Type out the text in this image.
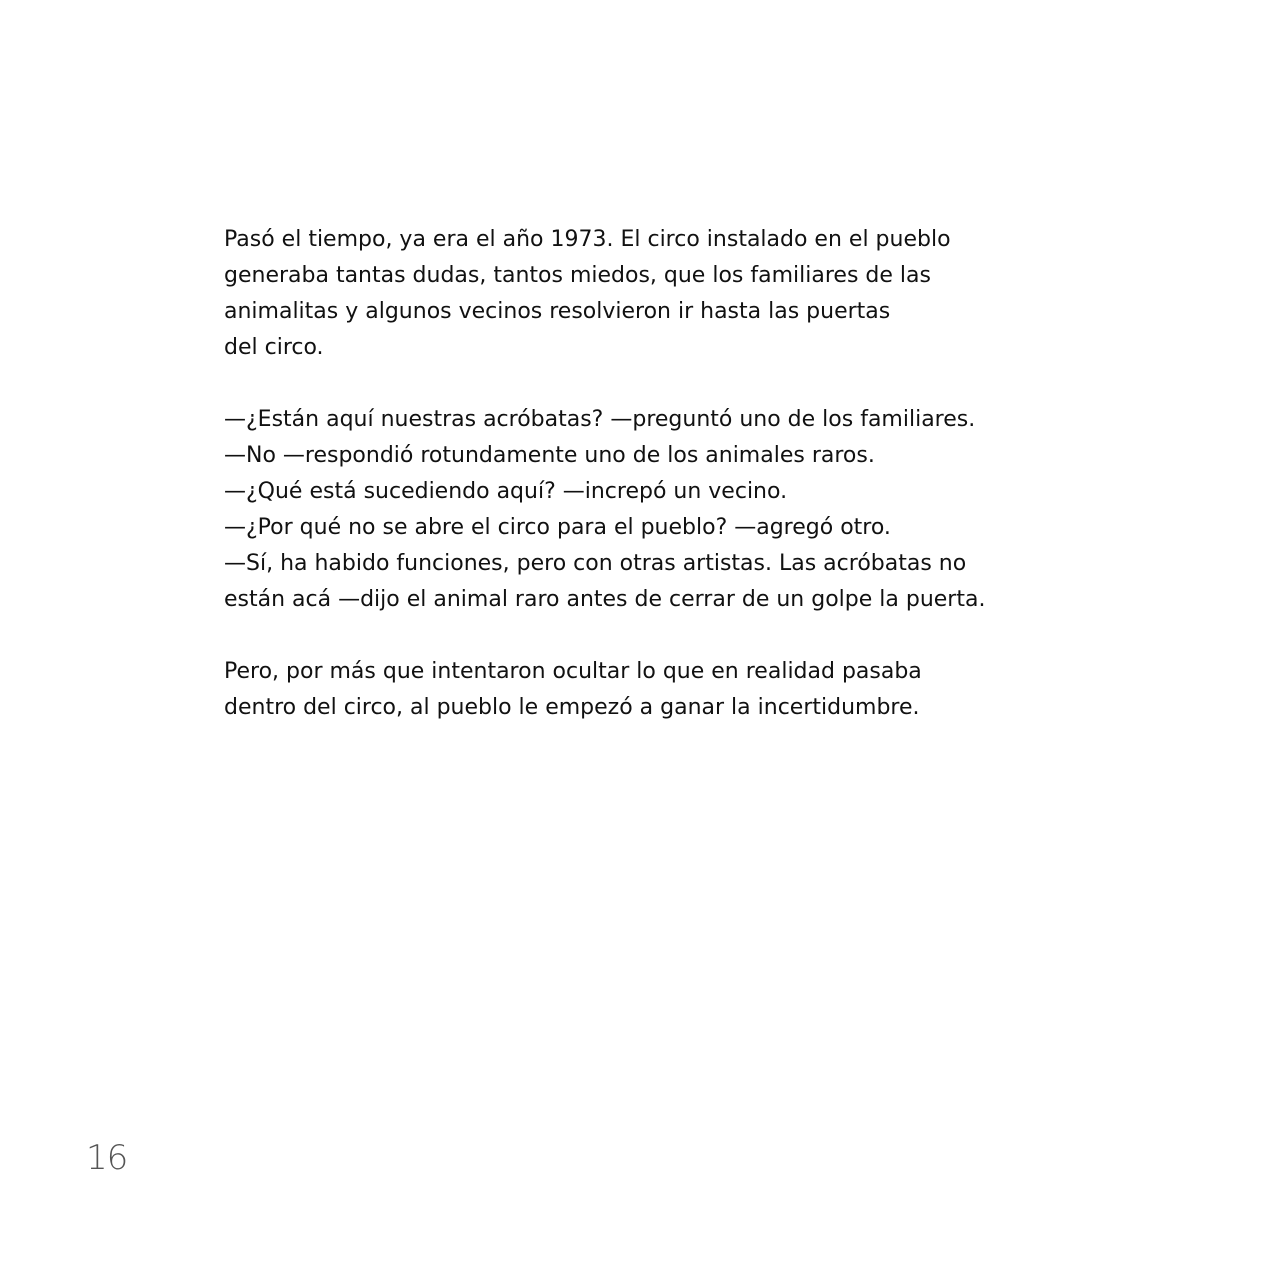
Pasó el tiempo, ya era el año 1973. El circo instalado en el pueblo
generaba tantas dudas, tantos miedos, que los familiares de las
animalitas y algunos vecinos resolvieron ir hasta las puertas
del circo.

—¿Están aquí nuestras acróbatas? —preguntó uno de los familiares.
—No —respondió rotundamente uno de los animales raros.
—¿Qué está sucediendo aquí? —increpó un vecino.
—¿Por qué no se abre el circo para el pueblo? —agregó otro.
—Sí, ha habido funciones, pero con otras artistas. Las acróbatas no
están acá —dijo el animal raro antes de cerrar de un golpe la puerta.

Pero, por más que intentaron ocultar lo que en realidad pasaba
dentro del circo, al pueblo le empezó a ganar la incertidumbre.

16
